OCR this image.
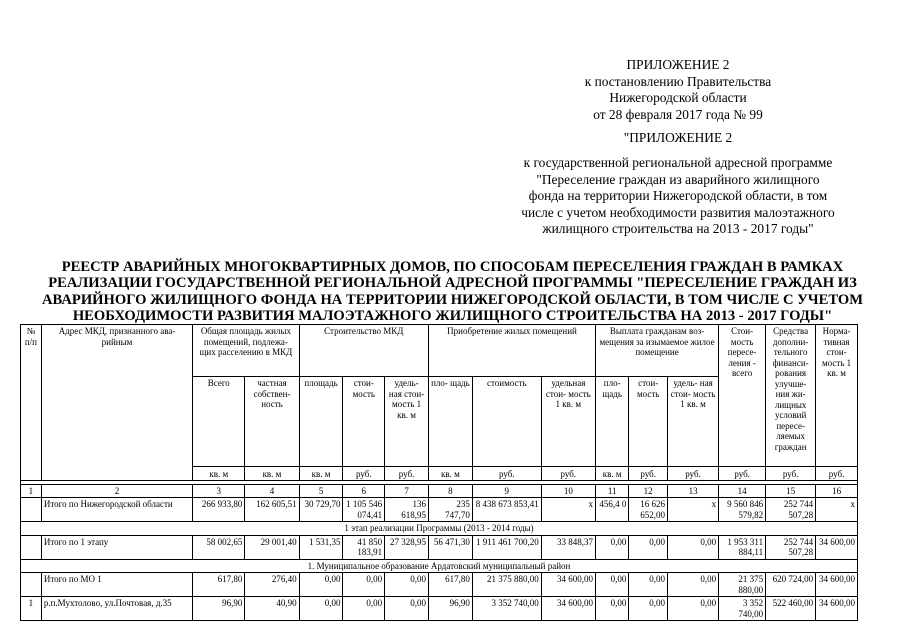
ПРИЛОЖЕНИЕ 2
к постановлению Правительства
Нижегородской области
от 28 февраля 2017 года № 99
"ПРИЛОЖЕНИЕ 2
к государственной региональной адресной программе
"Переселение граждан из аварийного жилищного
фонда на территории Нижегородской области, в том
числе с учетом необходимости развития малоэтажного
жилищного строительства на 2013 - 2017 годы"
РЕЕСТР АВАРИЙНЫХ МНОГОКВАРТИРНЫХ ДОМОВ, ПО СПОСОБАМ ПЕРЕСЕЛЕНИЯ ГРАЖДАН В РАМКАХ
РЕАЛИЗАЦИИ ГОСУДАРСТВЕННОЙ РЕГИОНАЛЬНОЙ АДРЕСНОЙ ПРОГРАММЫ "ПЕРЕСЕЛЕНИЕ ГРАЖДАН ИЗ
АВАРИЙНОГО ЖИЛИЩНОГО ФОНДА НА ТЕРРИТОРИИ НИЖЕГОРОДСКОЙ ОБЛАСТИ, В ТОМ ЧИСЛЕ С УЧЕТОМ
НЕОБХОДИМОСТИ РАЗВИТИЯ МАЛОЭТАЖНОГО ЖИЛИЩНОГО СТРОИТЕЛЬСТВА НА 2013 - 2017 ГОДЫ"
№ п/п	Адрес МКД, признанного ава- рийным	Общая площадь жилых помещений, подлежа- щих расселению в МКД		Строительство МКД			Приобретение жилых помещений			Выплата гражданам воз- мещения за изымаемое жилое помещение			Стои- мость пересе- ления - всего	Средства дополни- тельного финанси- рования улучше- ния жи- лищных условий пересе- ляемых граждан	Норма- тивная стои- мость 1 кв. м
		Всего	частная собствен- ность	площадь	стои- мость	удель- ная стои- мость 1 кв. м	пло- щадь	стоимость	удельная стои- мость 1 кв. м	пло- щадь	стои- мость	удель- ная стои- мость 1 кв. м			
		кв. м	кв. м	кв. м	руб.	руб.	кв. м	руб.	руб.	кв. м	руб.	руб.	руб.	руб.	руб.

1	2	3	4	5	6	7	8	9	10	11	12	13	14	15	16
	Итого по Нижегородской области	266 933,80	162 605,51	30 729,70	1 105 546 074,41	136 618,95	235 747,70	8 438 673 853,41	x	456,4 0	16 626 652,00	x	9 560 846 579,82	252 744 507,28	x
1 этап реализации Программы (2013 - 2014 годы)															
	Итого по 1 этапу	58 002,65	29 001,40	1 531,35	41 850 183,91	27 328,95	56 471,30	1 911 461 700,20	33 848,37	0,00	0,00	0,00	1 953 311 884,11	252 744 507,28	34 600,00
1. Муниципальное образование Ардатовский муниципальный район															
	Итого по МО 1	617,80	276,40	0,00	0,00	0,00	617,80	21 375 880,00	34 600,00	0,00	0,00	0,00	21 375 880,00	620 724,00	34 600,00
1	р.п.Мухтолово, ул.Почтовая, д.35	96,90	40,90	0,00	0,00	0,00	96,90	3 352 740,00	34 600,00	0,00	0,00	0,00	3 352 740,00	522 460,00	34 600,00
